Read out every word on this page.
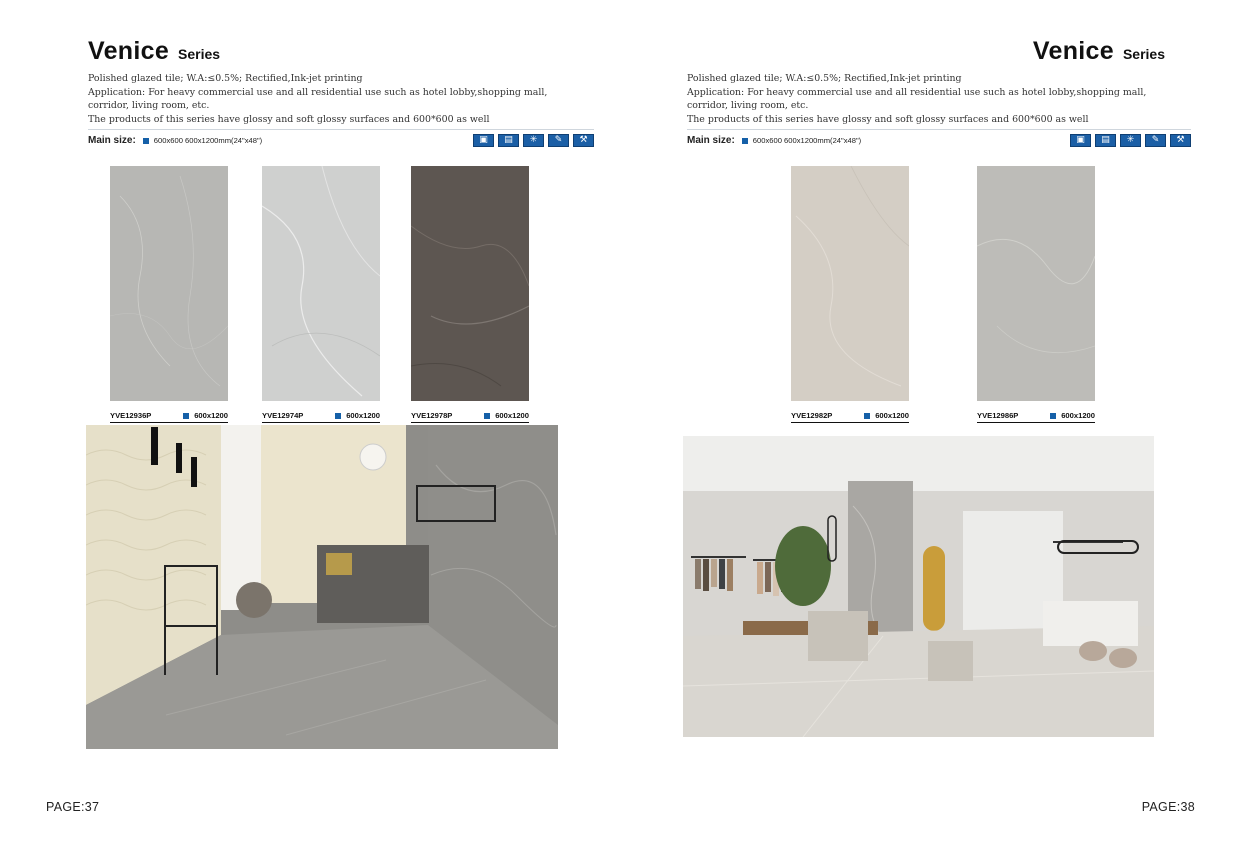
Venice Series
Polished glazed tile; W.A:≤0.5%; Rectified,Ink-jet printing
Application: For heavy commercial use and all residential use such as hotel lobby,shopping mall,
corridor, living room, etc.
The products of this series have glossy and soft glossy surfaces and 600*600 as well
Main size: 600x600 600x1200mm(24"x48")	▣	▤	✳	✎	⚒
YVE12936P	600x1200	YVE12974P	600x1200	YVE12978P	600x1200
PAGE:37
Venice Series
Polished glazed tile; W.A:≤0.5%; Rectified,Ink-jet printing
Application: For heavy commercial use and all residential use such as hotel lobby,shopping mall,
corridor, living room, etc.
The products of this series have glossy and soft glossy surfaces and 600*600 as well
Main size: 600x600 600x1200mm(24"x48")	▣	▤	✳	✎	⚒
YVE12982P	600x1200	YVE12986P	600x1200
PAGE:38
